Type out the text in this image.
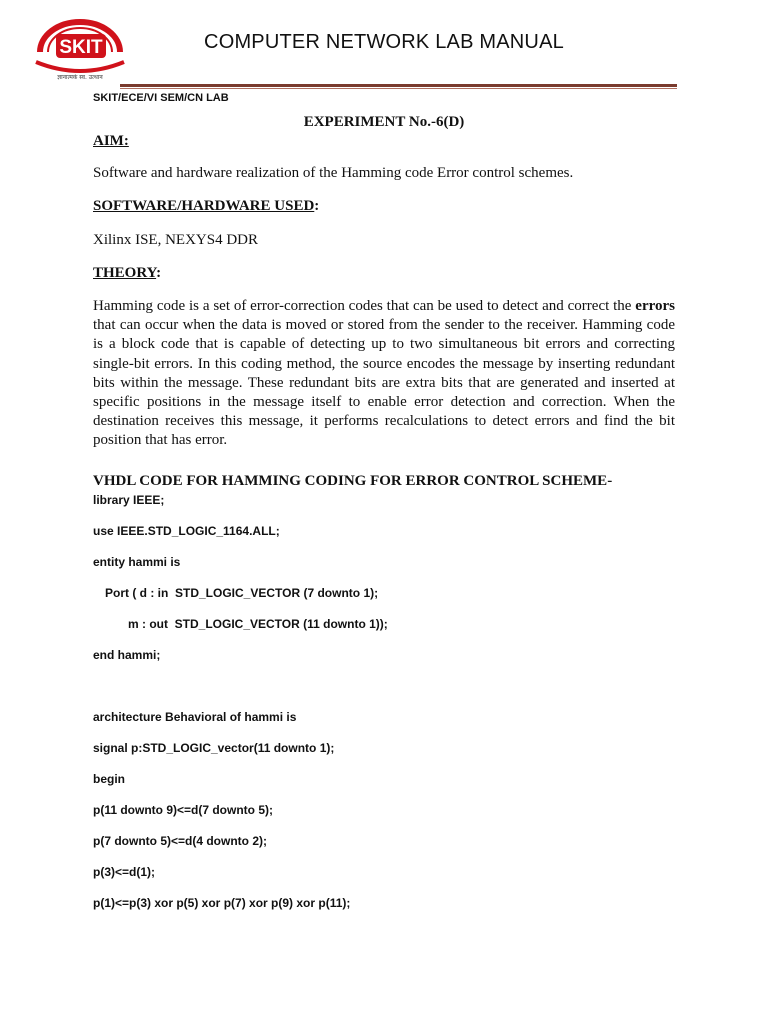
SKIT
ज्ञानात्मकं स्व. उत्थान
COMPUTER NETWORK LAB MANUAL
SKIT/ECE/VI SEM/CN LAB
EXPERIMENT No.-6(D)
AIM:
Software and hardware realization of the Hamming code Error control schemes.
SOFTWARE/HARDWARE USED:
Xilinx ISE, NEXYS4 DDR
THEORY:
Hamming code is a set of error-correction codes that can be used to detect and correct the errors that can occur when the data is moved or stored from the sender to the receiver. Hamming code is a block code that is capable of detecting up to two simultaneous bit errors and correcting single-bit errors. In this coding method, the source encodes the message by inserting redundant bits within the message. These redundant bits are extra bits that are generated and inserted at specific positions in the message itself to enable error detection and correction. When the destination receives this message, it performs recalculations to detect errors and find the bit position that has error.
VHDL CODE FOR HAMMING CODING FOR ERROR CONTROL SCHEME-
library IEEE;
use IEEE.STD_LOGIC_1164.ALL;
entity hammi is
Port ( d : in  STD_LOGIC_VECTOR (7 downto 1);
m : out  STD_LOGIC_VECTOR (11 downto 1));
end hammi;
architecture Behavioral of hammi is
signal p:STD_LOGIC_vector(11 downto 1);
begin
p(11 downto 9)<=d(7 downto 5);
p(7 downto 5)<=d(4 downto 2);
p(3)<=d(1);
p(1)<=p(3) xor p(5) xor p(7) xor p(9) xor p(11);
